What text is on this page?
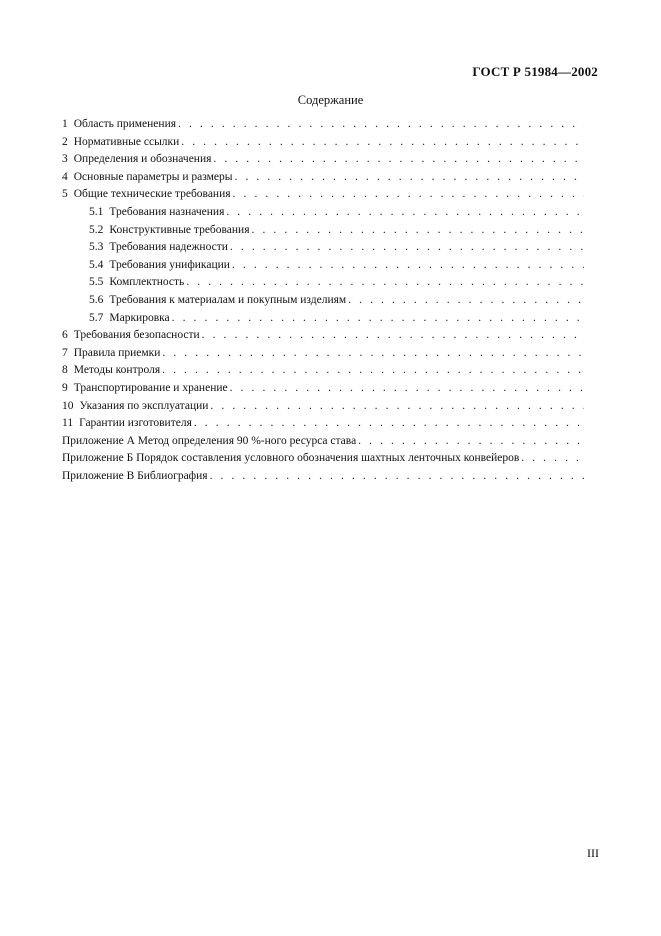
ГОСТ Р 51984—2002
Содержание
1 Область применения
. . .
2 Нормативные ссылки
. . .
3 Определения и обозначения
. . .
4 Основные параметры и размеры
. . .
5 Общие технические требования
. . .
5.1 Требования назначения
. . .
5.2 Конструктивные требования
. . .
5.3 Требования надежности
. . .
5.4 Требования унификации
. . .
5.5 Комплектность
. . .
5.6 Требования к материалам и покупным изделиям
. . .
5.7 Маркировка
. . .
6 Требования безопасности
. . .
7 Правила приемки
. . .
8 Методы контроля
. . .
9 Транспортирование и хранение
. . .
10 Указания по эксплуатации
. . .
11 Гарантии изготовителя
. . .
Приложение А Метод определения 90 %-ного ресурса става
. . .
Приложение Б Порядок составления условного обозначения шахтных ленточных конвейеров
. . .
Приложение В Библиография
. . .
III
